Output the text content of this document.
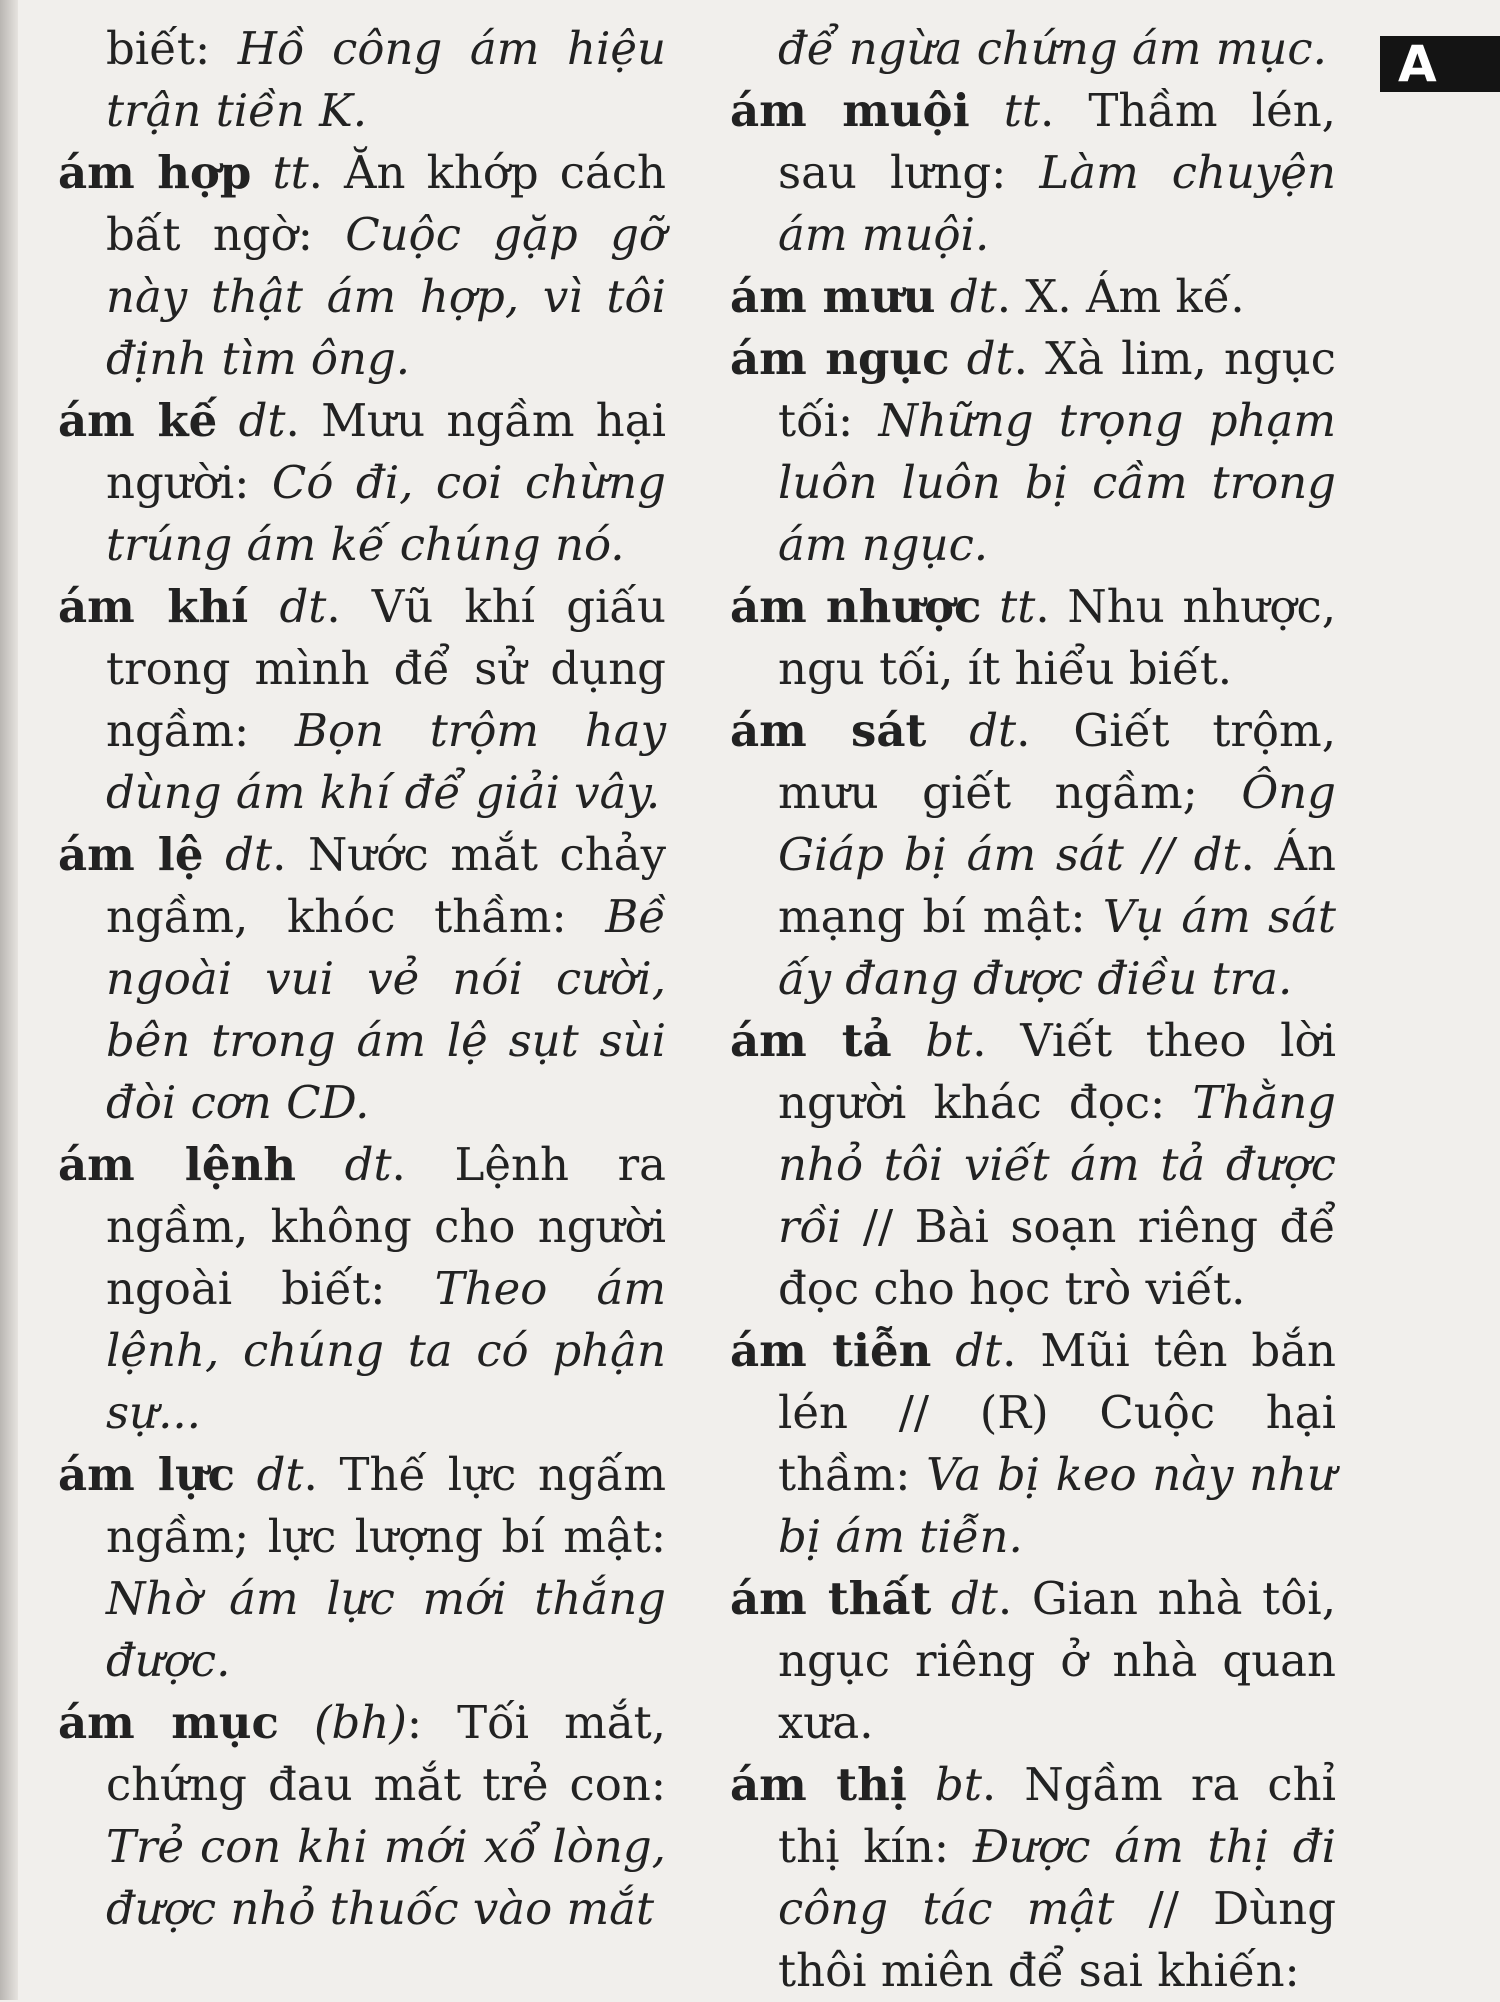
biết: Hồ công ám hiệu trận tiền K.

ám hợp tt. Ăn khớp cách bất ngờ: Cuộc gặp gỡ này thật ám hợp, vì tôi định tìm ông.

ám kế dt. Mưu ngầm hại người: Có đi, coi chừng trúng ám kế chúng nó.

ám khí dt. Vũ khí giấu trong mình để sử dụng ngầm: Bọn trộm hay dùng ám khí để giải vây.

ám lệ dt. Nước mắt chảy ngầm, khóc thầm: Bề ngoài vui vẻ nói cười, bên trong ám lệ sụt sùi đòi cơn CD.

ám lệnh dt. Lệnh ra ngầm, không cho người ngoài biết: Theo ám lệnh, chúng ta có phận sự...

ám lực dt. Thế lực ngấm ngầm; lực lượng bí mật: Nhờ ám lực mới thắng được.

ám mục (bh): Tối mắt, chứng đau mắt trẻ con: Trẻ con khi mới xổ lòng, được nhỏ thuốc vào mắt

để ngừa chứng ám mục.

ám muội tt. Thầm lén, sau lưng: Làm chuyện ám muội.

ám mưu dt. X. Ám kế.

ám ngục dt. Xà lim, ngục tối: Những trọng phạm luôn luôn bị cầm trong ám ngục.

ám nhược tt. Nhu nhược, ngu tối, ít hiểu biết.

ám sát dt. Giết trộm, mưu giết ngầm; Ông Giáp bị ám sát // dt. Án mạng bí mật: Vụ ám sát ấy đang được điều tra.

ám tả bt. Viết theo lời người khác đọc: Thằng nhỏ tôi viết ám tả được rồi // Bài soạn riêng để đọc cho học trò viết.

ám tiễn dt. Mũi tên bắn lén // (R) Cuộc hại thầm: Va bị keo này như bị ám tiễn.

ám thất dt. Gian nhà tôi, ngục riêng ở nhà quan xưa.

ám thị bt. Ngầm ra chỉ thị kín: Được ám thị đi công tác mật // Dùng thôi miên để sai khiến:

A
